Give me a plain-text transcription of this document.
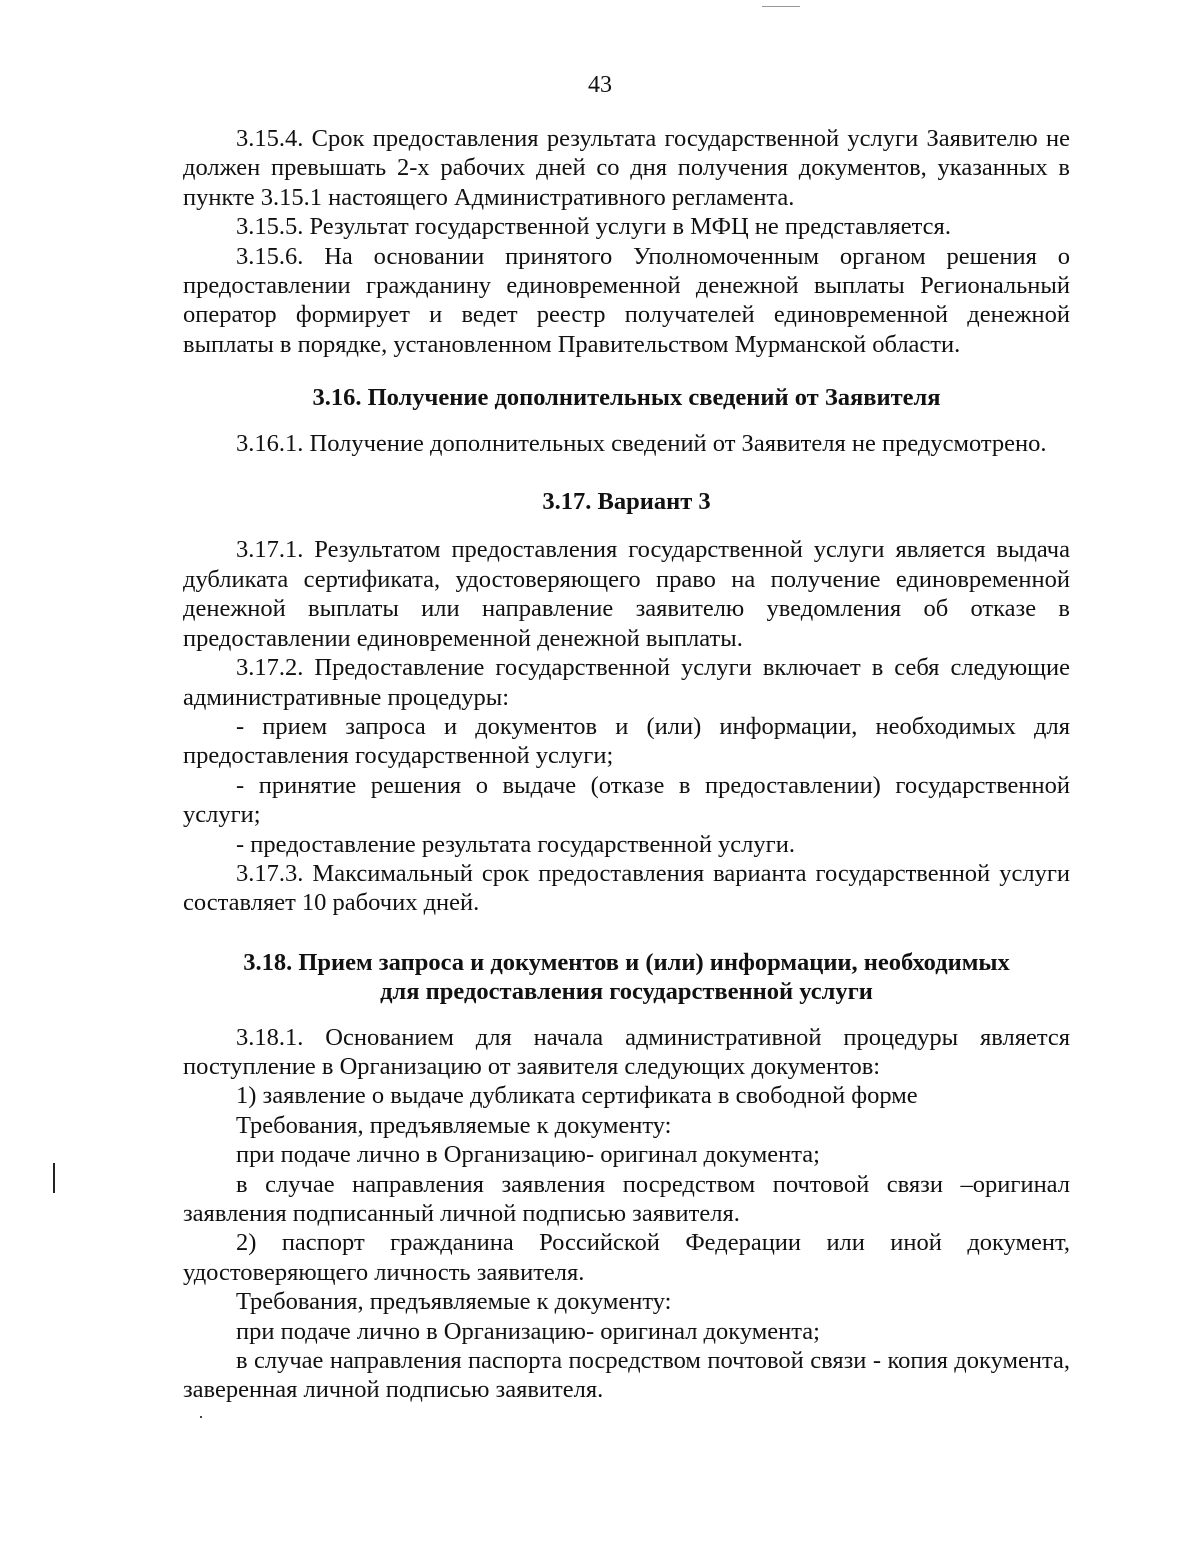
43

3.15.4. Срок предоставления результата государственной услуги Заявителю не должен превышать 2-х рабочих дней со дня получения документов, указанных в пункте 3.15.1 настоящего Административного регламента.

3.15.5. Результат государственной услуги в МФЦ не представляется.

3.15.6. На основании принятого Уполномоченным органом решения о предоставлении гражданину единовременной денежной выплаты Региональный оператор формирует и ведет реестр получателей единовременной денежной выплаты в порядке, установленном Правительством Мурманской области.

3.16. Получение дополнительных сведений от Заявителя

3.16.1. Получение дополнительных сведений от Заявителя не предусмотрено.

3.17. Вариант 3

3.17.1. Результатом предоставления государственной услуги является выдача дубликата сертификата, удостоверяющего право на получение единовременной денежной выплаты или направление заявителю уведомления об отказе в предоставлении единовременной денежной выплаты.

3.17.2. Предоставление государственной услуги включает в себя следующие административные процедуры:

- прием запроса и документов и (или) информации, необходимых для предоставления государственной услуги;

- принятие решения о выдаче (отказе в предоставлении) государственной услуги;

- предоставление результата государственной услуги.

3.17.3. Максимальный срок предоставления варианта государственной услуги составляет 10 рабочих дней.

3.18. Прием запроса и документов и (или) информации, необходимых
для предоставления государственной услуги

3.18.1. Основанием для начала административной процедуры является поступление в Организацию от заявителя следующих документов:

1) заявление о выдаче дубликата сертификата в свободной форме

Требования, предъявляемые к документу:

при подаче лично в Организацию- оригинал документа;

в случае направления заявления посредством почтовой связи –оригинал заявления подписанный личной подписью заявителя.

2) паспорт гражданина Российской Федерации или иной документ, удостоверяющего личность заявителя.

Требования, предъявляемые к документу:

при подаче лично в Организацию- оригинал документа;

в случае направления паспорта посредством почтовой связи - копия документа, заверенная личной подписью заявителя.
